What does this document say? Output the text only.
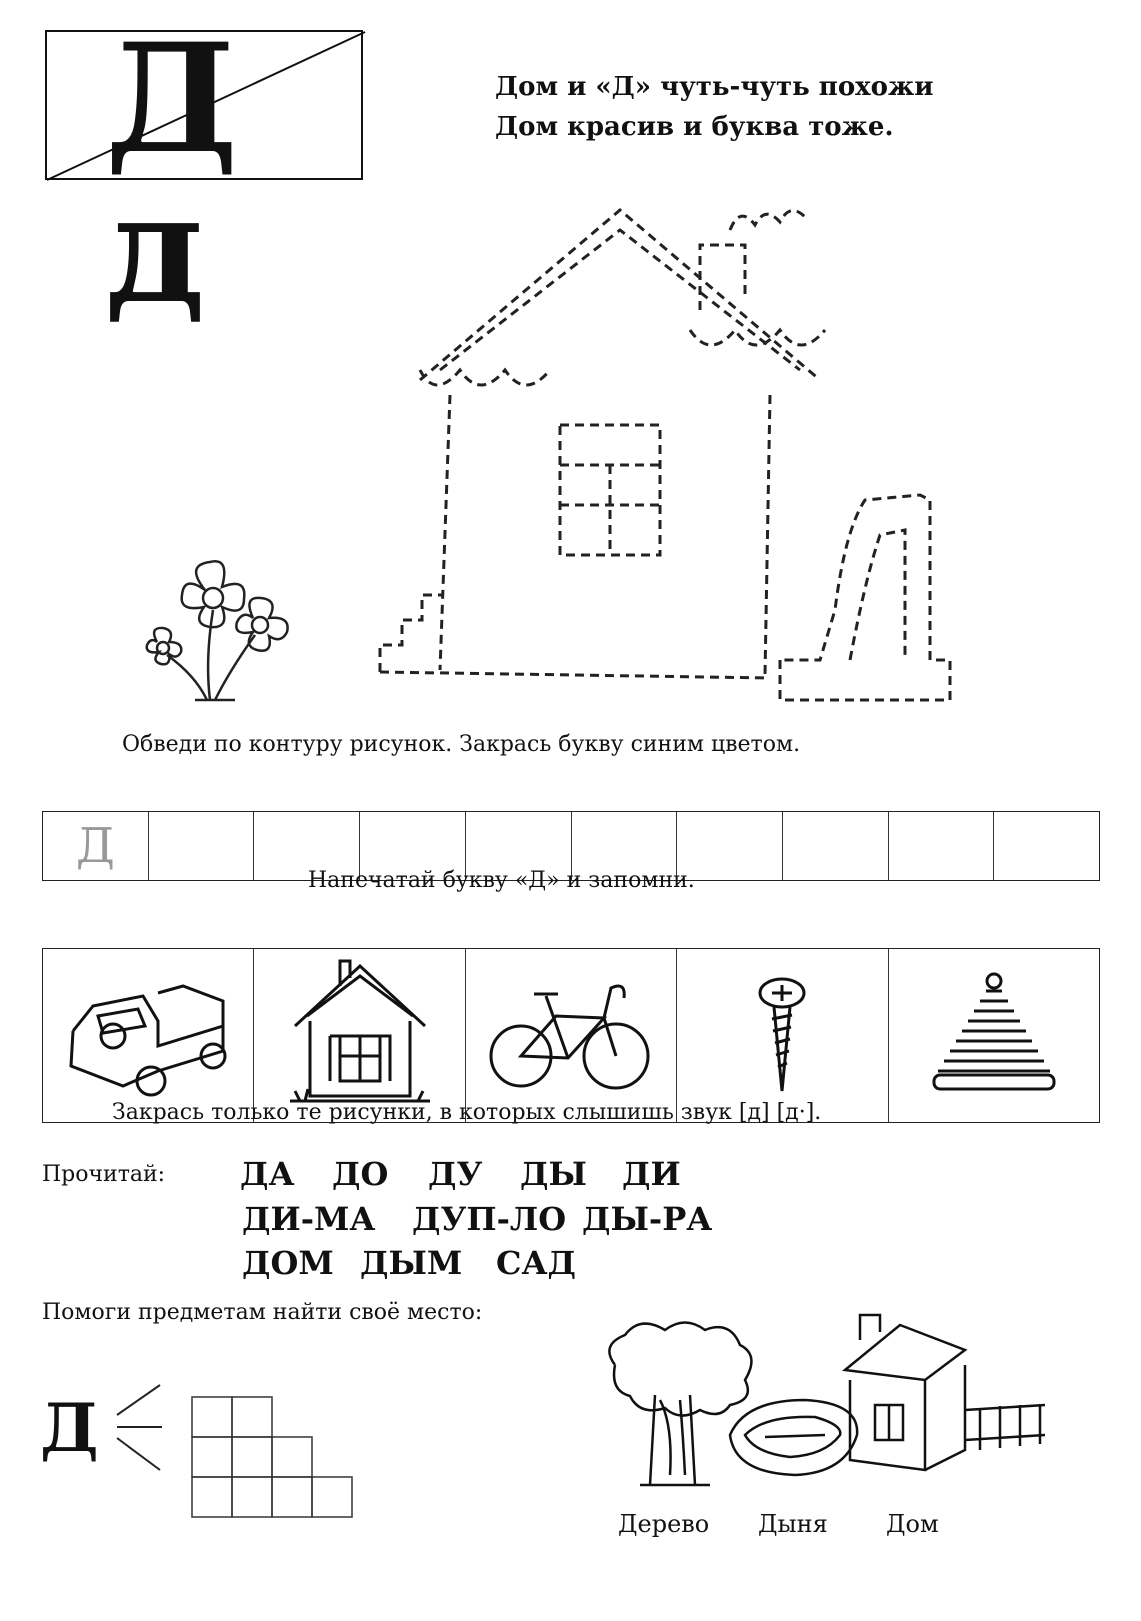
Д д
Дом и «Д» чуть-чуть похожи
Дом красив и буква тоже.
Обведи по контуру рисунок. Закрась букву синим цветом.
Д
Напечатай букву «Д» и запомни.
Закрась только те рисунки, в которых слышишь звук [д] [д·].
Прочитай: ДА ДО ДУ ДЫ ДИ
ДИ-МА ДУП-ЛО ДЫ-РА
ДОМ ДЫМ САД
Помоги предметам найти своё место:
Д
Дерево Дыня Дом
